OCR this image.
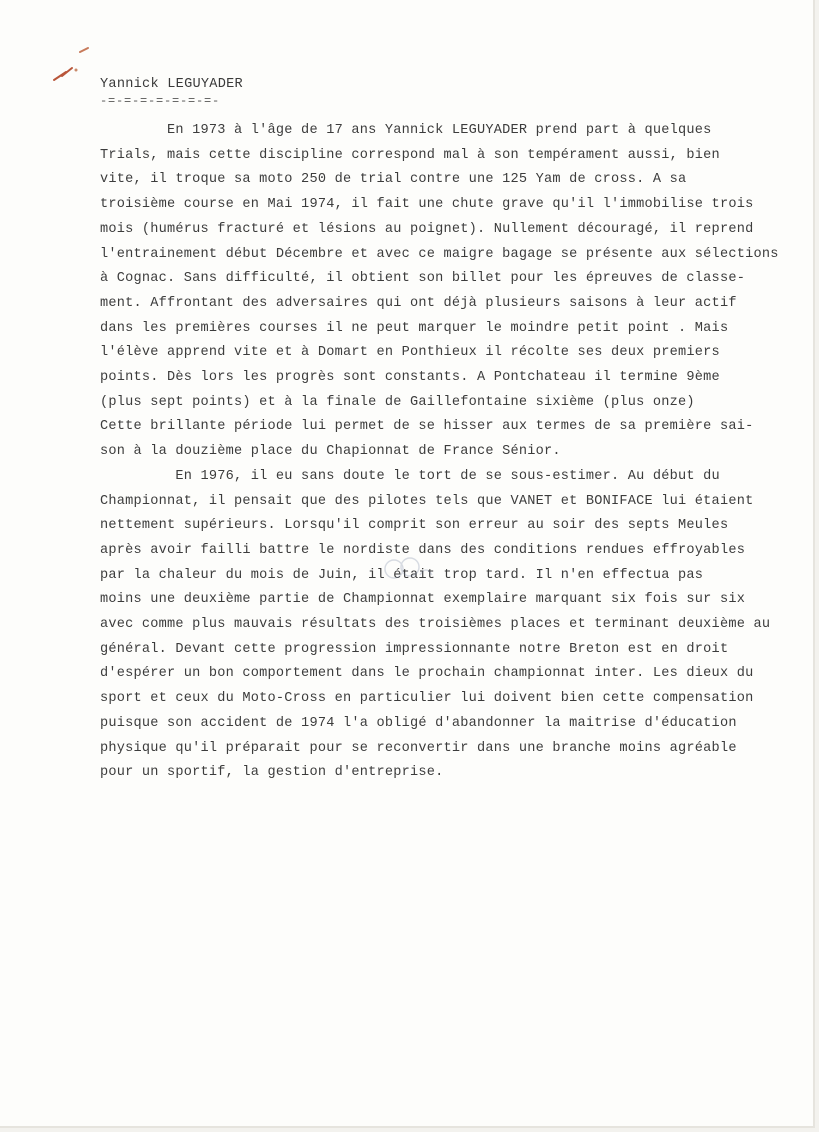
Yannick LEGUYADER
-=-=-=-=-=-=-=-
En 1973 à l'âge de 17 ans Yannick LEGUYADER prend part à quelques
Trials, mais cette discipline correspond mal à son tempérament aussi, bien
vite, il troque sa moto 250 de trial contre une 125 Yam de cross. A sa
troisième course en Mai 1974, il fait une chute grave qu'il l'immobilise trois
mois (humérus fracturé et lésions au poignet). Nullement découragé, il reprend
l'entrainement début Décembre et avec ce maigre bagage se présente aux sélections
à Cognac. Sans difficulté, il obtient son billet pour les épreuves de classe-
ment. Affrontant des adversaires qui ont déjà plusieurs saisons à leur actif
dans les premières courses il ne peut marquer le moindre petit point . Mais
l'élève apprend vite et à Domart en Ponthieux il récolte ses deux premiers
points. Dès lors les progrès sont constants. A Pontchateau il termine 9ème
(plus sept points) et à la finale de Gaillefontaine sixième (plus onze)
Cette brillante période lui permet de se hisser aux termes de sa première sai-
son à la douzième place du Chapionnat de France Sénior.
En 1976, il eu sans doute le tort de se sous-estimer. Au début du
Championnat, il pensait que des pilotes tels que VANET et BONIFACE lui étaient
nettement supérieurs. Lorsqu'il comprit son erreur au soir des septs Meules
après avoir failli battre le nordiste dans des conditions rendues effroyables
par la chaleur du mois de Juin, il était trop tard. Il n'en effectua pas
moins une deuxième partie de Championnat exemplaire marquant six fois sur six
avec comme plus mauvais résultats des troisièmes places et terminant deuxième au
général. Devant cette progression impressionnante notre Breton est en droit
d'espérer un bon comportement dans le prochain championnat inter. Les dieux du
sport et ceux du Moto-Cross en particulier lui doivent bien cette compensation
puisque son accident de 1974 l'a obligé d'abandonner la maitrise d'éducation
physique qu'il préparait pour se reconvertir dans une branche moins agréable
pour un sportif, la gestion d'entreprise.
